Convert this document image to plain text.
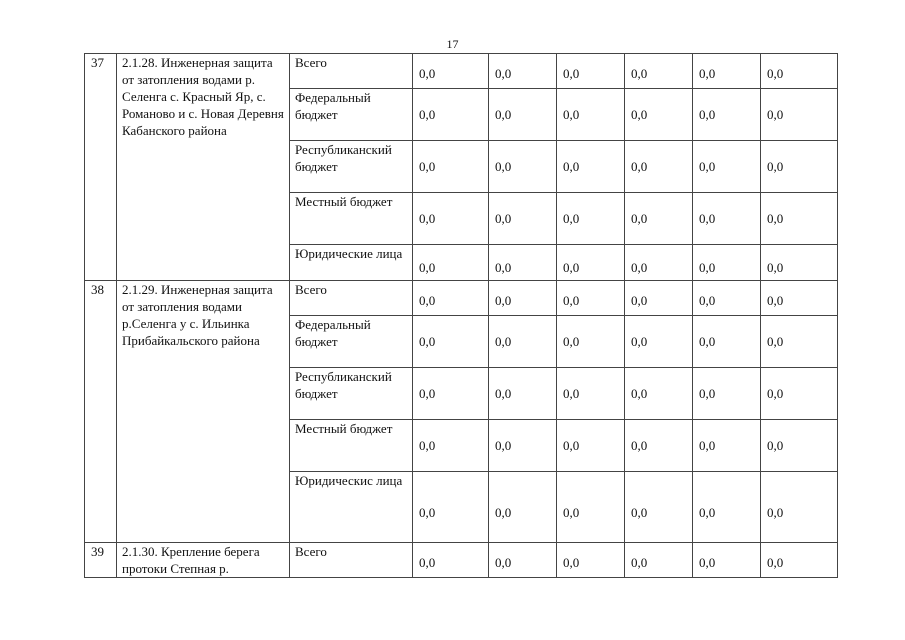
17
37	2.1.28. Инженерная защита от затопления водами р. Селенга с. Красный Яр, с. Романово и с. Новая Деревня Кабанского района	Всего	0,0	0,0	0,0	0,0	0,0	0,0
		Федеральный бюджет	0,0	0,0	0,0	0,0	0,0	0,0
		Республиканский бюджет	0,0	0,0	0,0	0,0	0,0	0,0
		Местный бюджет	0,0	0,0	0,0	0,0	0,0	0,0
		Юридические лица	0,0	0,0	0,0	0,0	0,0	0,0
38	2.1.29. Инженерная защита от затопления водами р.Селенга у с. Ильинка Прибайкальского района	Всего	0,0	0,0	0,0	0,0	0,0	0,0
		Федеральный бюджет	0,0	0,0	0,0	0,0	0,0	0,0
		Республиканский бюджет	0,0	0,0	0,0	0,0	0,0	0,0
		Местный бюджет	0,0	0,0	0,0	0,0	0,0	0,0
		Юридическис лица	0,0	0,0	0,0	0,0	0,0	0,0
39	2.1.30. Крепление берега протоки Степная р.	Всего	0,0	0,0	0,0	0,0	0,0	0,0
